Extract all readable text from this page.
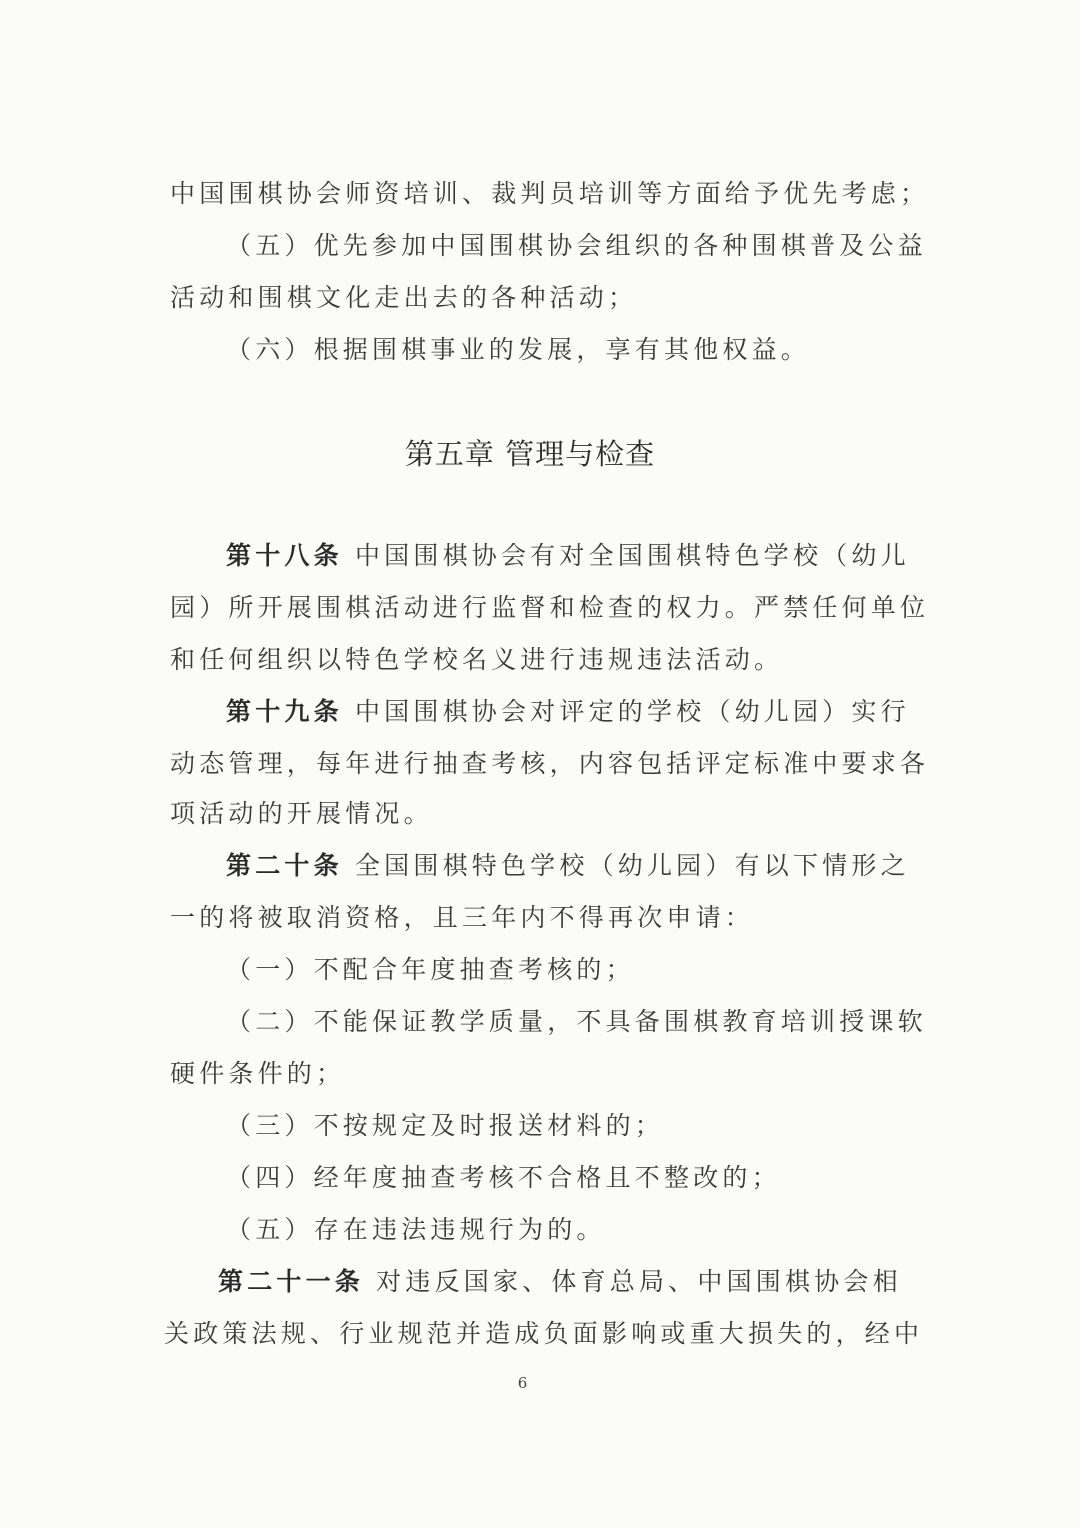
中国围棋协会师资培训、裁判员培训等方面给予优先考虑；
（五）优先参加中国围棋协会组织的各种围棋普及公益
活动和围棋文化走出去的各种活动；
（六）根据围棋事业的发展，享有其他权益。
第五章 管理与检查
第十八条 中国围棋协会有对全国围棋特色学校（幼儿
园）所开展围棋活动进行监督和检查的权力。严禁任何单位
和任何组织以特色学校名义进行违规违法活动。
第十九条 中国围棋协会对评定的学校（幼儿园）实行
动态管理，每年进行抽查考核，内容包括评定标准中要求各
项活动的开展情况。
第二十条 全国围棋特色学校（幼儿园）有以下情形之
一的将被取消资格，且三年内不得再次申请：
（一）不配合年度抽查考核的；
（二）不能保证教学质量，不具备围棋教育培训授课软
硬件条件的；
（三）不按规定及时报送材料的；
（四）经年度抽查考核不合格且不整改的；
（五）存在违法违规行为的。
第二十一条 对违反国家、体育总局、中国围棋协会相
关政策法规、行业规范并造成负面影响或重大损失的，经中
6
